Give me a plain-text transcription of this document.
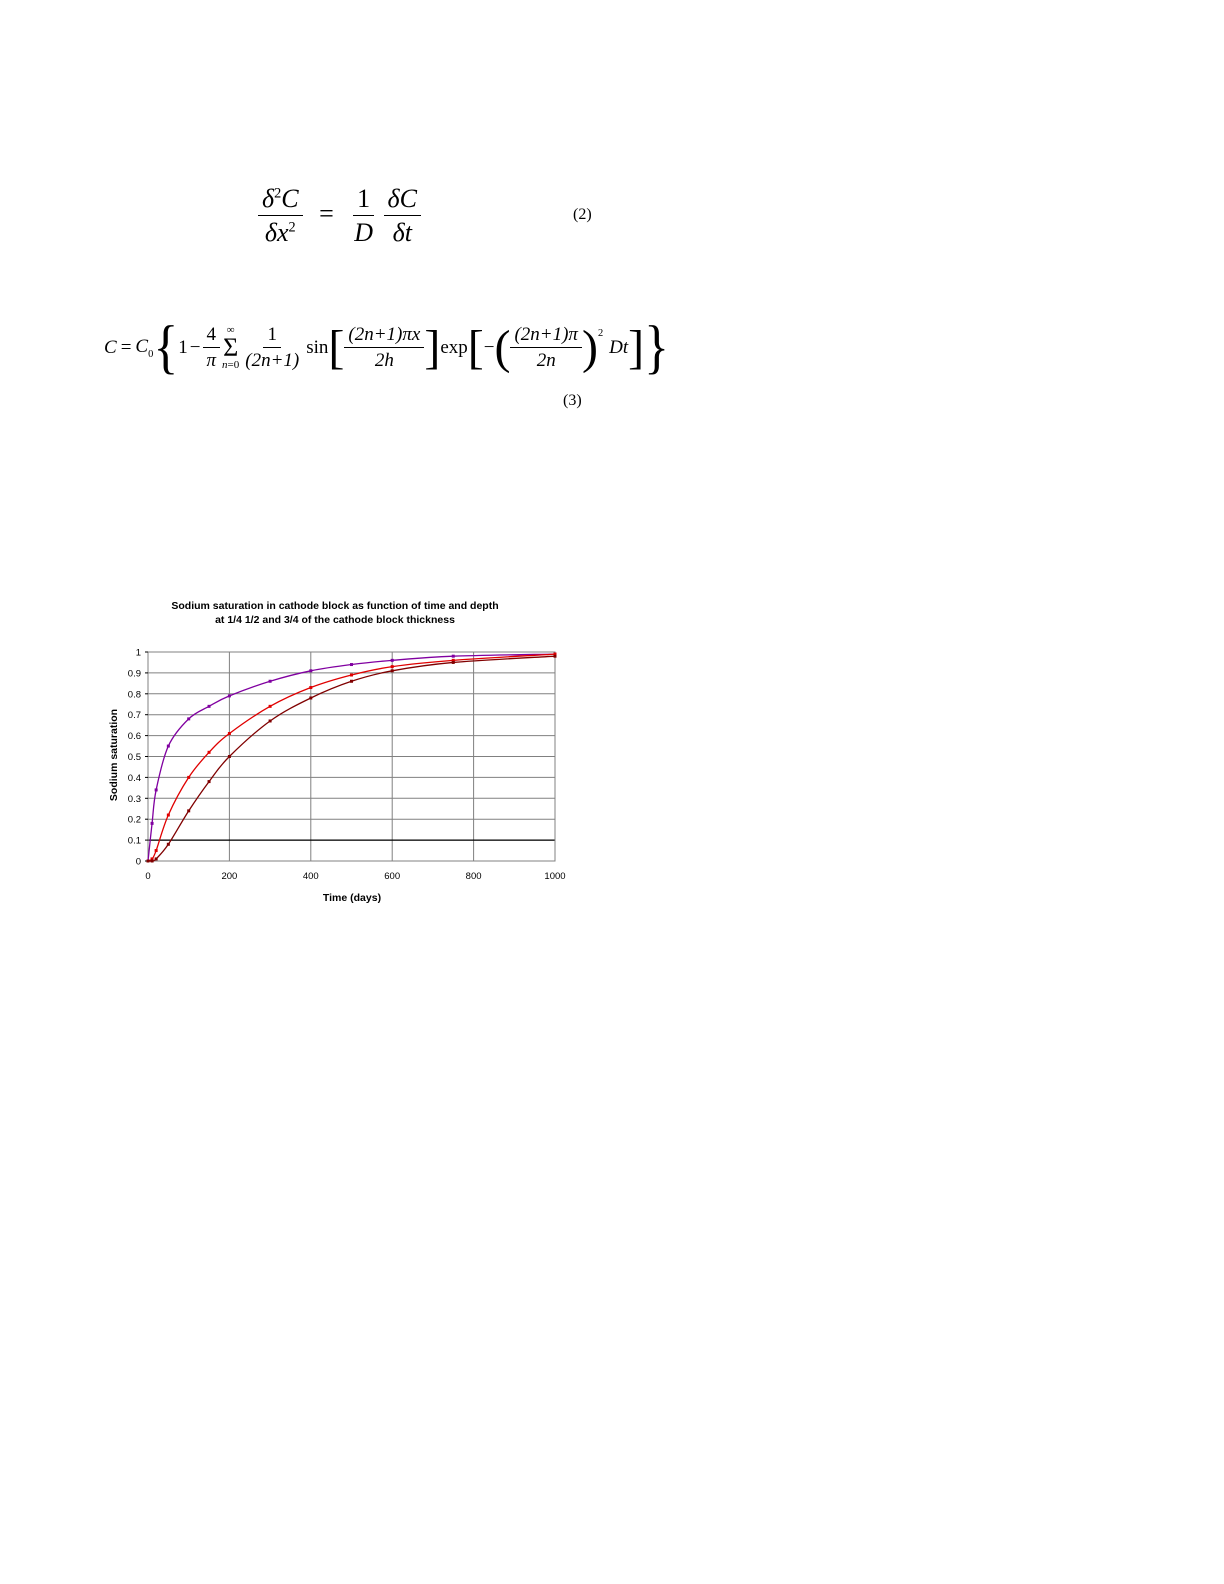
$\frac{\delta^2C}{\delta x^2} = \frac{1}{D}$
$\frac{\delta C}{\delta t}$	(2)
$C = C_0$ { $1 - \frac{4}{\pi}$ ∞
Σ
$n=0 \frac{1}{(2n+1)}$ sin [ $\frac{(2n+1)\pi x}{2h}$ ] exp [ − ( $\frac{(2n+1)\pi}{2n} )^2$
Dt ] }
(3)
Sodium saturation in cathode block as function of time and depth
at 1/4 1/2 and 3/4 of the cathode block thickness
0
0.1
0.2
0.3
0.4
0.5
0.6
0.7
0.8
0.9
1
0	200	400	600	800	1000
Time (days)
Sodium saturation
